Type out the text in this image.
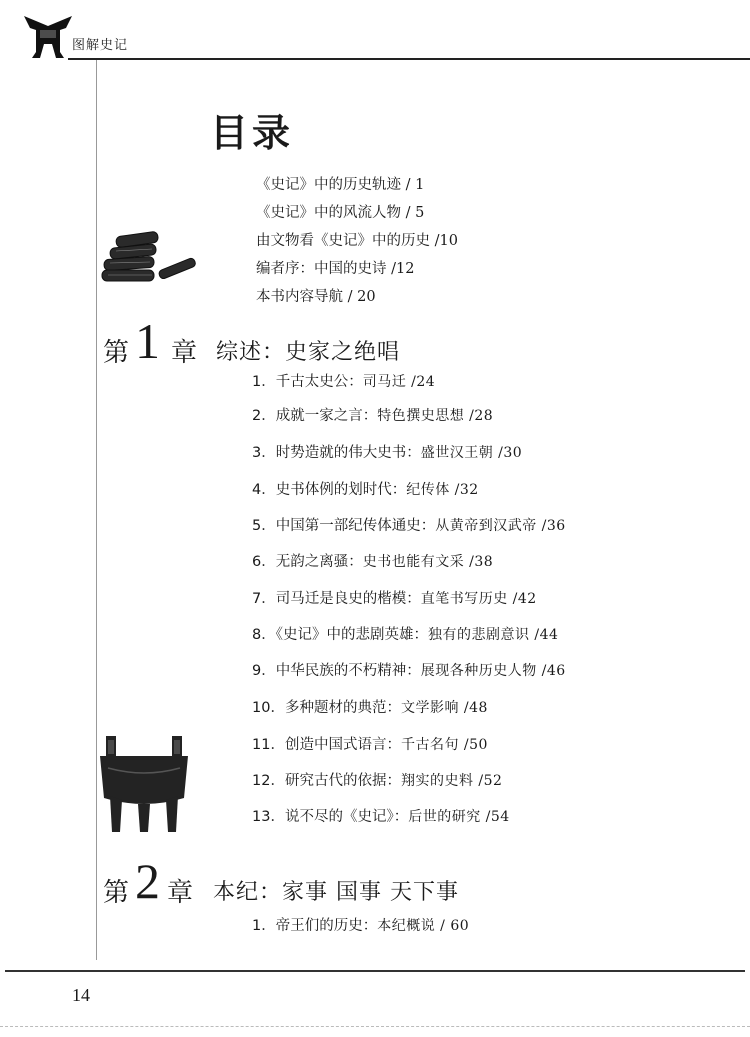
图解史记
目录
《史记》中的历史轨迹 / 1
《史记》中的风流人物 / 5
由文物看《史记》中的历史 /10
编者序：中国的史诗 /12
本书内容导航 / 20
第 1 章 综述：史家之绝唱
1．千古太史公：司马迁 /24
2．成就一家之言：特色撰史思想 /28
3．时势造就的伟大史书：盛世汉王朝 /30
4．史书体例的划时代：纪传体 /32
5．中国第一部纪传体通史：从黄帝到汉武帝 /36
6．无韵之离骚：史书也能有文采 /38
7．司马迁是良史的楷模：直笔书写历史 /42
8．《史记》中的悲剧英雄：独有的悲剧意识 /44
9．中华民族的不朽精神：展现各种历史人物 /46
10．多种题材的典范：文学影响 /48
11．创造中国式语言：千古名句 /50
12．研究古代的依据：翔实的史料 /52
13．说不尽的《史记》：后世的研究 /54
第 2 章 本纪：家事 国事 天下事
1．帝王们的历史：本纪概说 / 60
14
